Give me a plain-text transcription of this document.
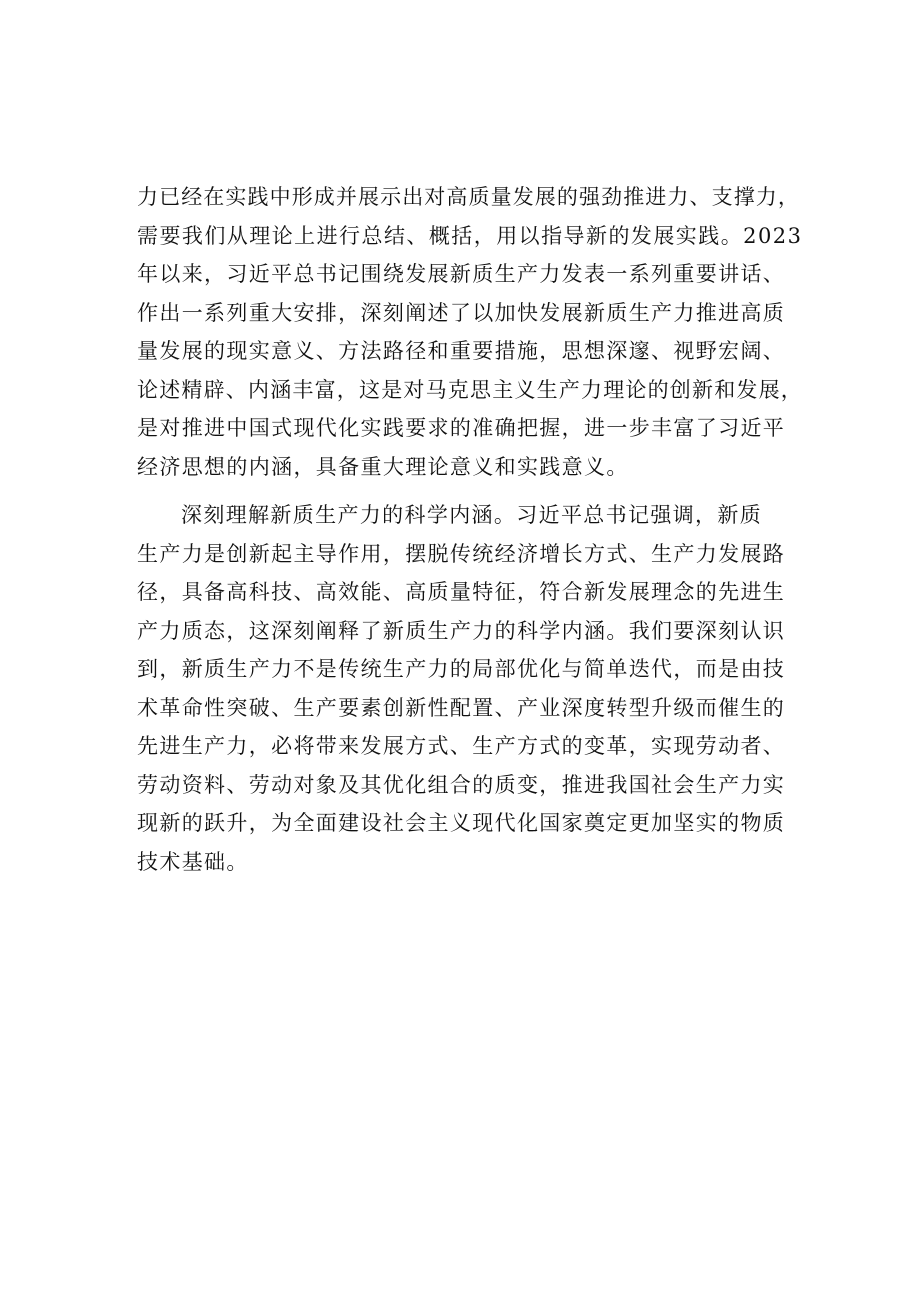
力已经在实践中形成并展示出对高质量发展的强劲推进力、支撑力，
需要我们从理论上进行总结、概括，用以指导新的发展实践。2023
年以来，习近平总书记围绕发展新质生产力发表一系列重要讲话、
作出一系列重大安排，深刻阐述了以加快发展新质生产力推进高质
量发展的现实意义、方法路径和重要措施，思想深邃、视野宏阔、
论述精辟、内涵丰富，这是对马克思主义生产力理论的创新和发展，
是对推进中国式现代化实践要求的准确把握，进一步丰富了习近平
经济思想的内涵，具备重大理论意义和实践意义。
深刻理解新质生产力的科学内涵。习近平总书记强调，新质
生产力是创新起主导作用，摆脱传统经济增长方式、生产力发展路
径，具备高科技、高效能、高质量特征，符合新发展理念的先进生
产力质态，这深刻阐释了新质生产力的科学内涵。我们要深刻认识
到，新质生产力不是传统生产力的局部优化与简单迭代，而是由技
术革命性突破、生产要素创新性配置、产业深度转型升级而催生的
先进生产力，必将带来发展方式、生产方式的变革，实现劳动者、
劳动资料、劳动对象及其优化组合的质变，推进我国社会生产力实
现新的跃升，为全面建设社会主义现代化国家奠定更加坚实的物质
技术基础。
